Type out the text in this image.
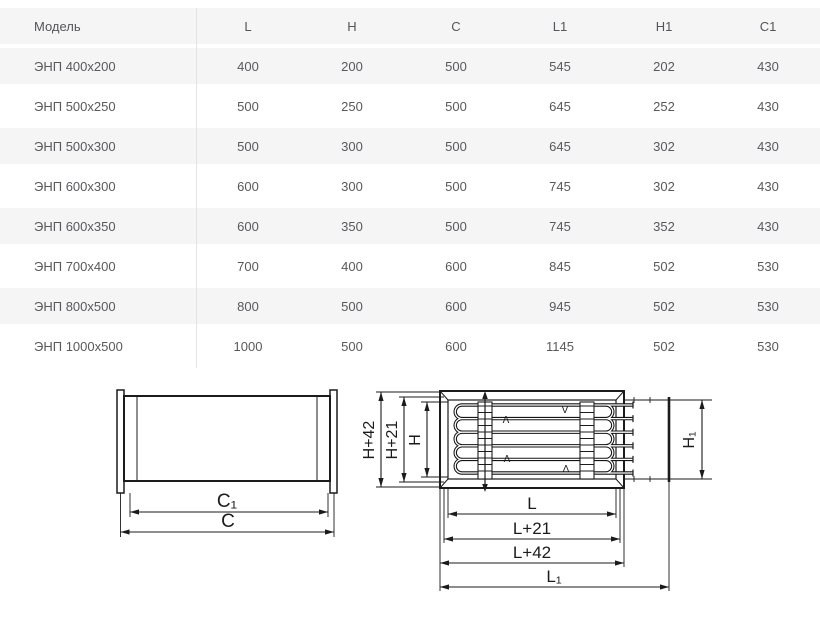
Модель	L	H	C	L1	H1	C1
ЭНП 400х200	400	200	500	545	202	430
ЭНП 500х250	500	250	500	645	252	430
ЭНП 500х300	500	300	500	645	302	430
ЭНП 600х300	600	300	500	745	302	430
ЭНП 600х350	600	350	500	745	352	430
ЭНП 700х400	700	400	600	845	502	530
ЭНП 800х500	800	500	600	945	502	530
ЭНП 1000х500	1000	500	600	1145	502	530
C₁
C
Λ
V
Λ
Λ
H+42 H+21 H	H₁
L
L+21
L+42
L₁
